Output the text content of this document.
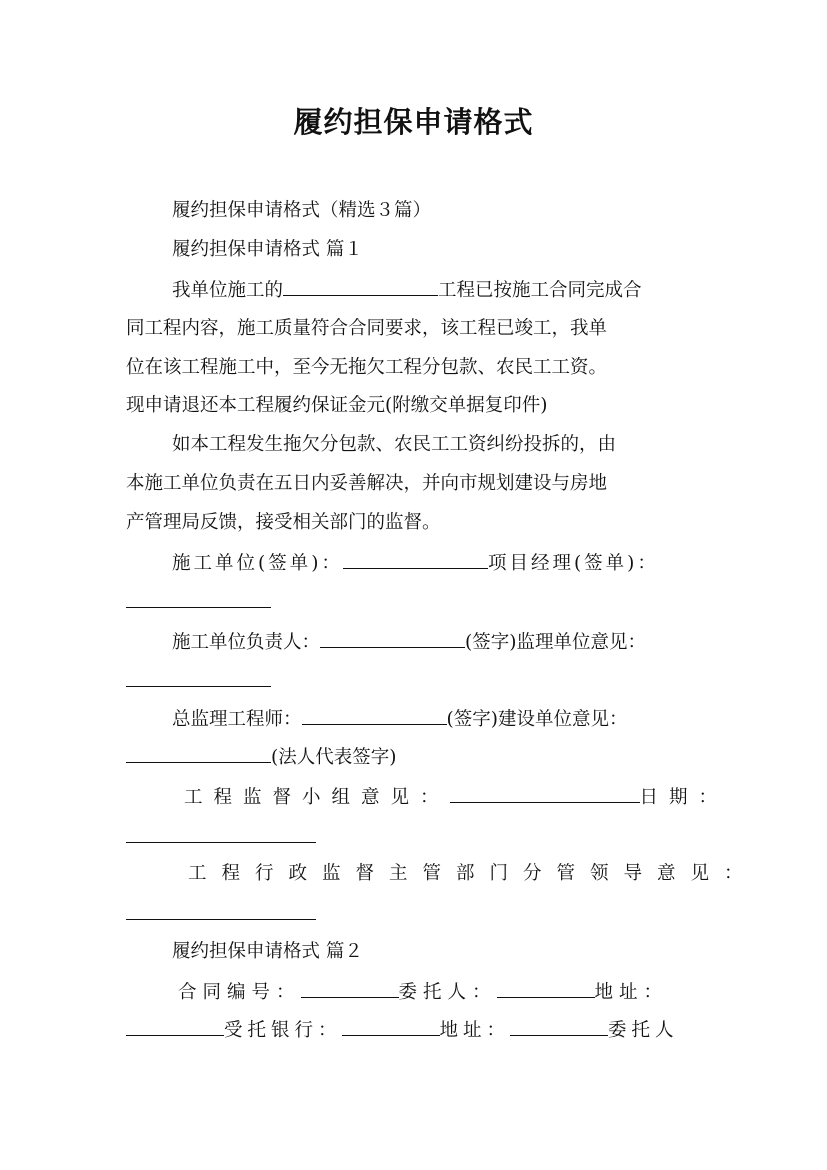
履约担保申请格式
履约担保申请格式（精选３篇）
履约担保申请格式 篇１
我单位施工的	工程已按施工合同完成合
同工程内容，施工质量符合合同要求，该工程已竣工，我单
位在该工程施工中，至今无拖欠工程分包款、农民工工资。
现申请退还本工程履约保证金元(附缴交单据复印件)
如本工程发生拖欠分包款、农民工工资纠纷投拆的，由
本施工单位负责在五日内妥善解决，并向市规划建设与房地
产管理局反馈，接受相关部门的监督。
施工单位(签单)：	项目经理(签单)：
施工单位负责人：	(签字)监理单位意见：
总监理工程师：	(签字)建设单位意见：
(法人代表签字)
工程监督小组意见：	日期：
工程行政监督主管部门分管领导意见：
履约担保申请格式 篇２
合同编号：	委托人：	地址：
受托银行：	地址：	委托人
